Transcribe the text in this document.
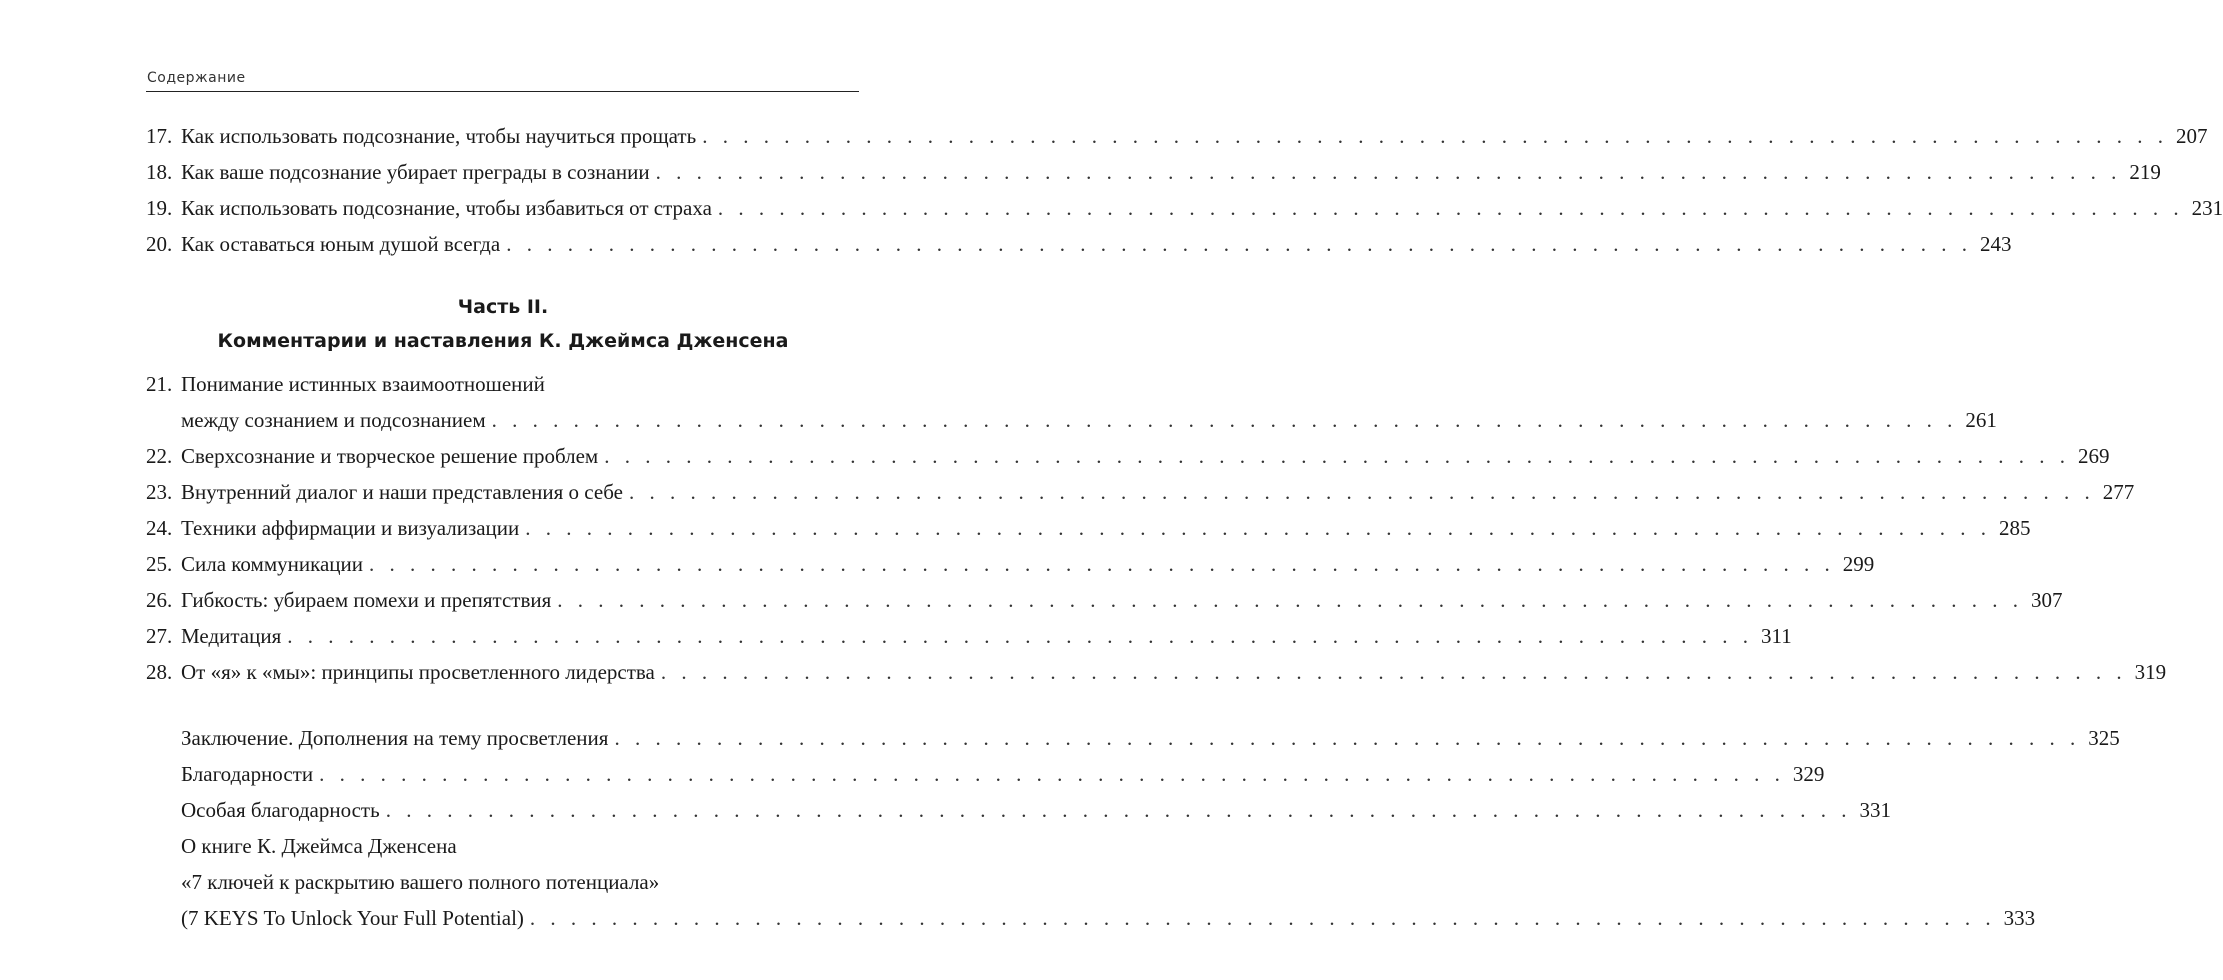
Содержание
17. Как использовать подсознание, чтобы научиться прощать . . . . . . . . . . . . . . . . . . . . . . . . . . . . . . . . . . . . . . . . . . . . . . . . . . . . . . . . . . . . . . . . . . . . . . . . 207
18. Как ваше подсознание убирает преграды в сознании . . . . . . . . . . . . . . . . . . . . . . . . . . . . . . . . . . . . . . . . . . . . . . . . . . . . . . . . . . . . . . . . . . . . . . . . 219
19. Как использовать подсознание, чтобы избавиться от страха . . . . . . . . . . . . . . . . . . . . . . . . . . . . . . . . . . . . . . . . . . . . . . . . . . . . . . . . . . . . . . . . . . . . . . . . 231
20. Как оставаться юным душой всегда . . . . . . . . . . . . . . . . . . . . . . . . . . . . . . . . . . . . . . . . . . . . . . . . . . . . . . . . . . . . . . . . . . . . . . . . 243
Часть II.
Комментарии и наставления К. Джеймса Дженсена
21. Понимание истинных взаимоотношений
между сознанием и подсознанием . . . . . . . . . . . . . . . . . . . . . . . . . . . . . . . . . . . . . . . . . . . . . . . . . . . . . . . . . . . . . . . . . . . . . . . . 261
22. Сверхсознание и творческое решение проблем . . . . . . . . . . . . . . . . . . . . . . . . . . . . . . . . . . . . . . . . . . . . . . . . . . . . . . . . . . . . . . . . . . . . . . . . 269
23. Внутренний диалог и наши представления о себе . . . . . . . . . . . . . . . . . . . . . . . . . . . . . . . . . . . . . . . . . . . . . . . . . . . . . . . . . . . . . . . . . . . . . . . . 277
24. Техники аффирмации и визуализации . . . . . . . . . . . . . . . . . . . . . . . . . . . . . . . . . . . . . . . . . . . . . . . . . . . . . . . . . . . . . . . . . . . . . . . . 285
25. Сила коммуникации . . . . . . . . . . . . . . . . . . . . . . . . . . . . . . . . . . . . . . . . . . . . . . . . . . . . . . . . . . . . . . . . . . . . . . . . 299
26. Гибкость: убираем помехи и препятствия . . . . . . . . . . . . . . . . . . . . . . . . . . . . . . . . . . . . . . . . . . . . . . . . . . . . . . . . . . . . . . . . . . . . . . . . 307
27. Медитация . . . . . . . . . . . . . . . . . . . . . . . . . . . . . . . . . . . . . . . . . . . . . . . . . . . . . . . . . . . . . . . . . . . . . . . . 311
28. От «я» к «мы»: принципы просветленного лидерства . . . . . . . . . . . . . . . . . . . . . . . . . . . . . . . . . . . . . . . . . . . . . . . . . . . . . . . . . . . . . . . . . . . . . . . . 319
Заключение. Дополнения на тему просветления . . . . . . . . . . . . . . . . . . . . . . . . . . . . . . . . . . . . . . . . . . . . . . . . . . . . . . . . . . . . . . . . . . . . . . . . 325
Благодарности . . . . . . . . . . . . . . . . . . . . . . . . . . . . . . . . . . . . . . . . . . . . . . . . . . . . . . . . . . . . . . . . . . . . . . . . 329
Особая благодарность . . . . . . . . . . . . . . . . . . . . . . . . . . . . . . . . . . . . . . . . . . . . . . . . . . . . . . . . . . . . . . . . . . . . . . . . 331
О книге К. Джеймса Дженсена
«7 ключей к раскрытию вашего полного потенциала»
(7 KEYS To Unlock Your Full Potential) . . . . . . . . . . . . . . . . . . . . . . . . . . . . . . . . . . . . . . . . . . . . . . . . . . . . . . . . . . . . . . . . . . . . . . . . 333
